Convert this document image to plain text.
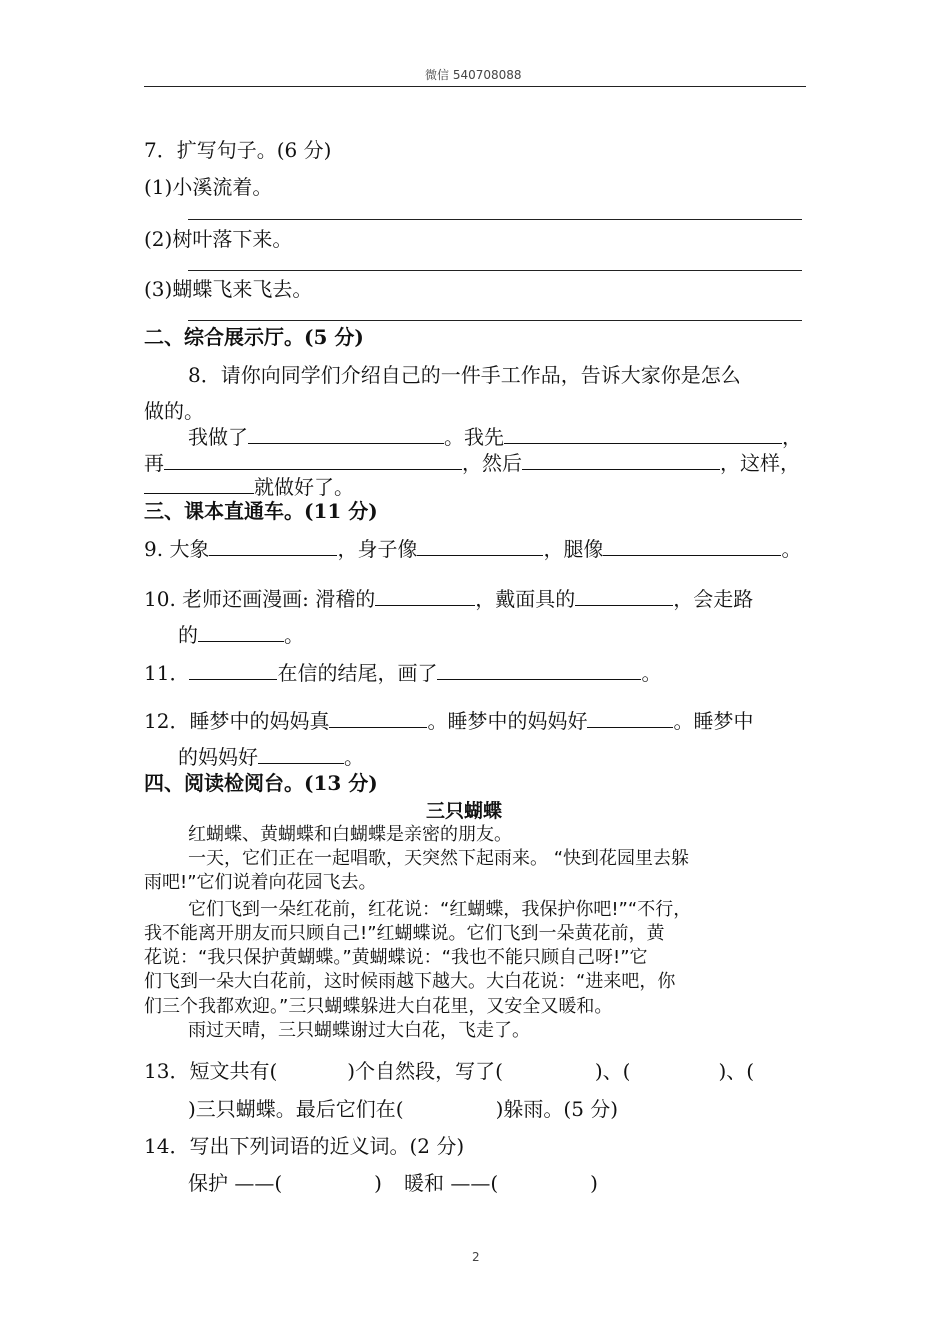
微信 540708088
7．扩写句子。(6 分)
(1)小溪流着。
(2)树叶落下来。
(3)蝴蝶飞来飞去。
二、综合展示厅。(5 分)
8．请你向同学们介绍自己的一件手工作品，告诉大家你是怎么
做的。
我做了	。我先	，
再	，然后	，这样，
就做好了。
三、课本直通车。(11 分)
9. 大象	，身子像	，腿像	。
10. 老师还画漫画: 滑稽的	，戴面具的	，会走路
的	。
11．	在信的结尾，画了	。
12．睡梦中的妈妈真	。睡梦中的妈妈好	。睡梦中
的妈妈好	。
四、阅读检阅台。(13 分)
三只蝴蝶
红蝴蝶、黄蝴蝶和白蝴蝶是亲密的朋友。
一天，它们正在一起唱歌，天突然下起雨来。 “快到花园里去躲
雨吧!”它们说着向花园飞去。
它们飞到一朵红花前，红花说：“红蝴蝶，我保护你吧!”“不行，
我不能离开朋友而只顾自己!”红蝴蝶说。它们飞到一朵黄花前，黄
花说：“我只保护黄蝴蝶。”黄蝴蝶说：“我也不能只顾自己呀!”它
们飞到一朵大白花前，这时候雨越下越大。大白花说：“进来吧，你
们三个我都欢迎。”三只蝴蝶躲进大白花里，又安全又暖和。
雨过天晴，三只蝴蝶谢过大白花，飞走了。
13．短文共有(	)个自然段，写了(	)、(	)、(
)三只蝴蝶。最后它们在(	)躲雨。(5 分)
14．写出下列词语的近义词。(2 分)
保护 ——(	) 暖和 ——(	)
2
